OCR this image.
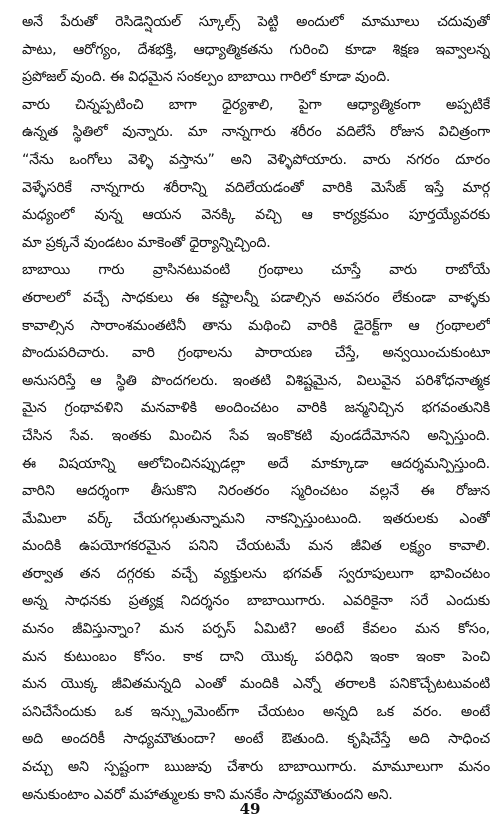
అనే పేరుతో రెసిడెన్షియల్ స్కూల్స్ పెట్టి అందులో మామూలు చదువుతో
పాటు, ఆరోగ్యం, దేశభక్తి, ఆధ్యాత్మికతను గురించి కూడా శిక్షణ ఇవ్వాలన్న
ప్రపోజల్ వుంది. ఈ విధమైన సంకల్పం బాబాయి గారిలో కూడా వుంది.
వారు చిన్నప్పటించి బాగా ధైర్యశాలి, పైగా ఆధ్యాత్మికంగా అప్పటికే
ఉన్నత స్థితిలో వున్నారు. మా నాన్నగారు శరీరం వదిలేసే రోజున విచిత్రంగా
“నేను ఒంగోలు వెళ్ళి వస్తాను” అని వెళ్ళిపోయారు. వారు నగరం దూరం
వెళ్ళేసరికే నాన్నగారు శరీరాన్ని వదిలేయడంతో వారికి మెసేజ్ ఇస్తే మార్గ
మధ్యంలో వున్న ఆయన వెనక్కి వచ్చి ఆ కార్యక్రమం పూర్తయ్యేవరకు
మా ప్రక్కనే వుండటం మాకెంతో ధైర్యాన్నిచ్చింది.
బాబాయి గారు వ్రాసినటువంటి గ్రంథాలు చూస్తే వారు రాబోయే
తరాలలో వచ్చే సాధకులు ఈ కష్టాలన్నీ పడాల్సిన అవసరం లేకుండా వాళ్ళకు
కావాల్సిన సారాంశమంతటినీ తాను మథించి వారికి డైరెక్ట్‌గా ఆ గ్రంథాలలో
పొందుపరిచారు. వారి గ్రంథాలను పారాయణ చేస్తే, అన్వయించుకుంటూ
అనుసరిస్తే ఆ స్థితి పొందగలరు. ఇంతటి విశిష్టమైన, విలువైన పరిశోధనాత్మక
మైన గ్రంథావళిని మనవాళికి అందించటం వారికి జన్మనిచ్చిన భగవంతునికి
చేసిన సేవ. ఇంతకు మించిన సేవ ఇంకొకటి వుండదేమోనని అన్పిస్తుంది.
ఈ విషయాన్ని ఆలోచించినప్పుడల్లా అదే మాక్కూడా ఆదర్శమన్పిస్తుంది.
వారిని ఆదర్శంగా తీసుకొని నిరంతరం స్మరించటం వల్లనే ఈ రోజున
మేమిలా వర్క్ చేయగల్గుతున్నామని నాకన్పిస్తుంటుంది. ఇతరులకు ఎంతో
మందికి ఉపయోగకరమైన పనిని చేయటమే మన జీవిత లక్ష్యం కావాలి.
తర్వాత తన దగ్గరకు వచ్చే వ్యక్తులను భగవత్ స్వరూపులుగా భావించటం
అన్న సాధనకు ప్రత్యక్ష నిదర్శనం బాబాయిగారు. ఎవరికైనా సరే ఎందుకు
మనం జీవిస్తున్నాం? మన పర్పస్ ఏమిటి? అంటే కేవలం మన కోసం,
మన కుటుంబం కోసం. కాక దాని యొక్క పరిధిని ఇంకా ఇంకా పెంచి
మన యొక్క జీవితమన్నది ఎంతో మందికి ఎన్నో తరాలకి పనికొచ్చేటటువంటి
పనిచేసేందుకు ఒక ఇన్స్ట్రుమెంట్‌గా చేయటం అన్నది ఒక వరం. అంటే
అది అందరికీ సాధ్యమౌతుందా? అంటే ఔతుంది. కృషిచేస్తే అది సాధించ
వచ్చు అని స్పష్టంగా ఋజువు చేశారు బాబాయిగారు. మామూలుగా మనం
అనుకుంటాం ఎవరో మహాత్ములకు కాని మనకేం సాధ్యమౌతుందని అని.
49
